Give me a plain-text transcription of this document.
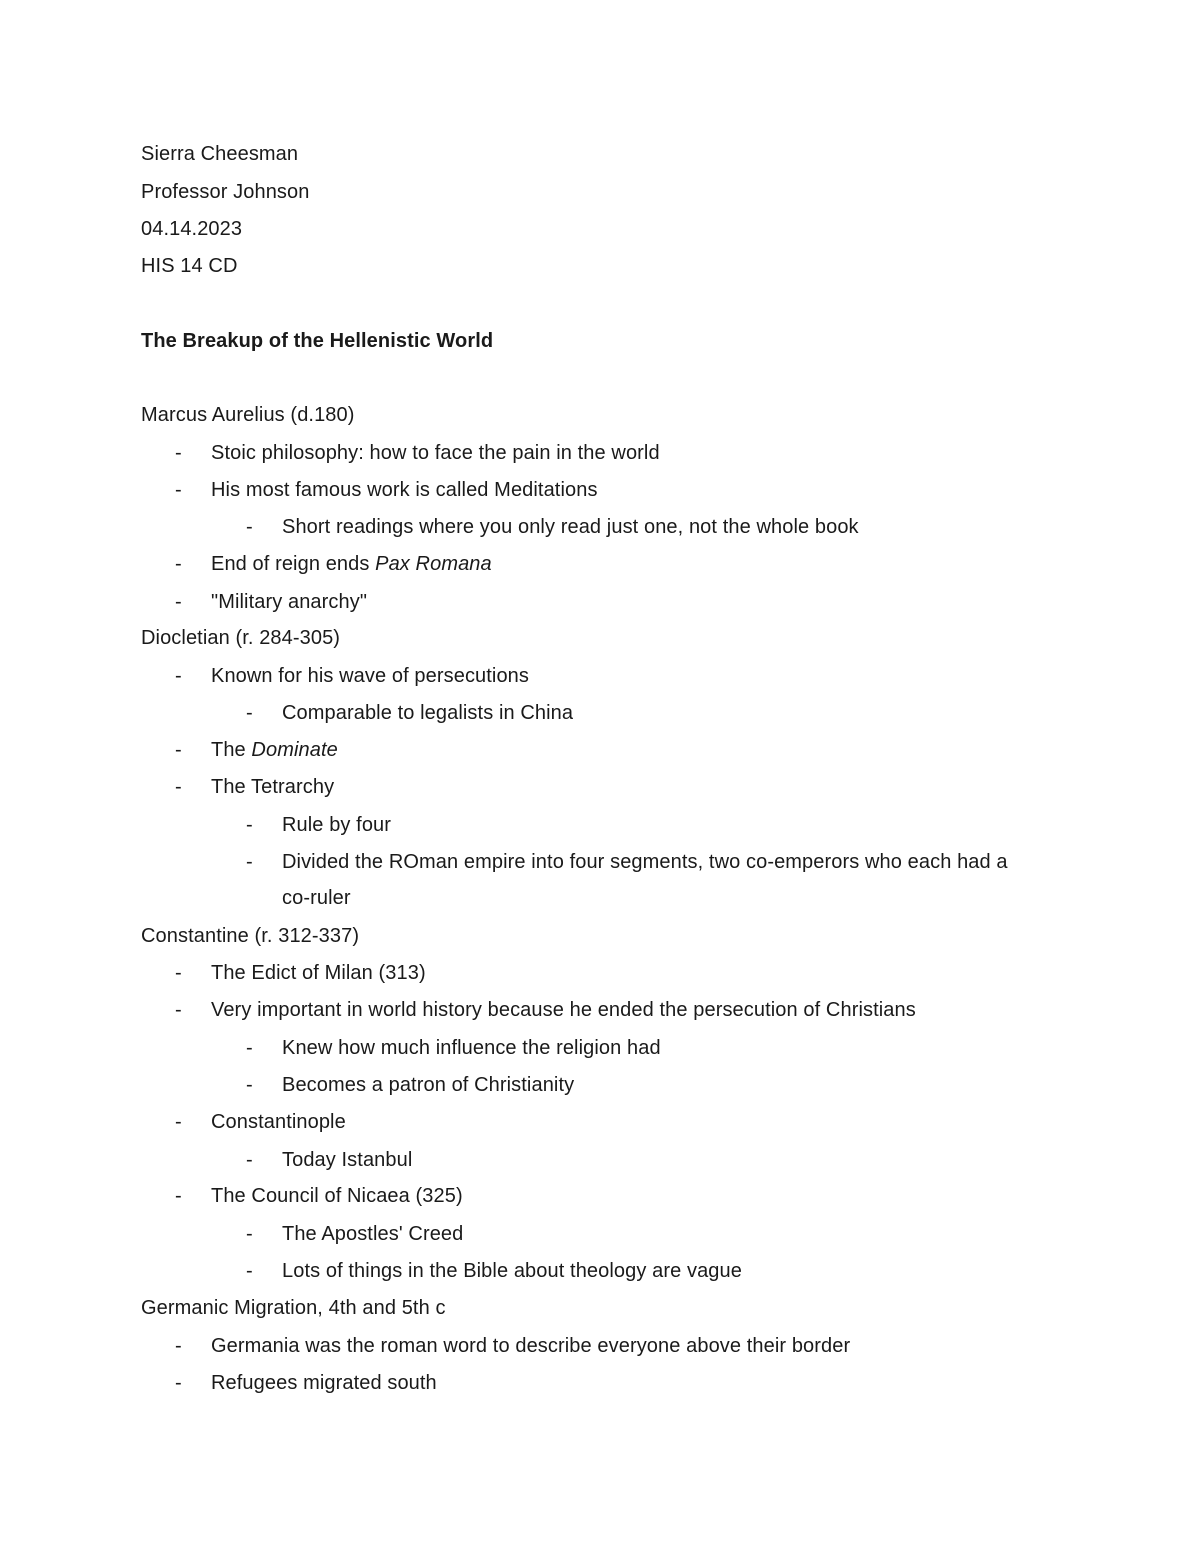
Sierra Cheesman
Professor Johnson
04.14.2023
HIS 14 CD
The Breakup of the Hellenistic World
Marcus Aurelius (d.180)
- Stoic philosophy: how to face the pain in the world
- His most famous work is called Meditations
- Short readings where you only read just one, not the whole book
- End of reign ends Pax Romana
- "Military anarchy"
Diocletian (r. 284-305)
- Known for his wave of persecutions
- Comparable to legalists in China
- The Dominate
- The Tetrarchy
- Rule by four
- Divided the ROman empire into four segments, two co-emperors who each had a
co-ruler
Constantine (r. 312-337)
- The Edict of Milan (313)
- Very important in world history because he ended the persecution of Christians
- Knew how much influence the religion had
- Becomes a patron of Christianity
- Constantinople
- Today Istanbul
- The Council of Nicaea (325)
- The Apostles' Creed
- Lots of things in the Bible about theology are vague
Germanic Migration, 4th and 5th c
- Germania was the roman word to describe everyone above their border
- Refugees migrated south
